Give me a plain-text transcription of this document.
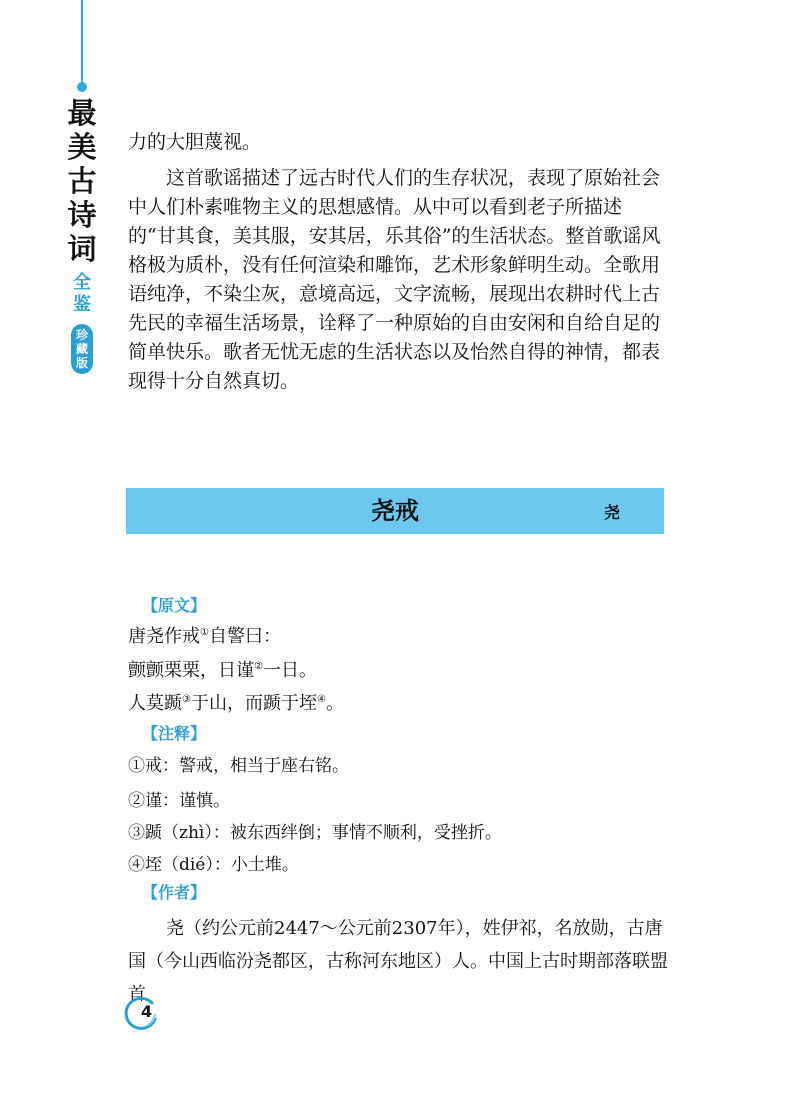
最美古诗词
全鉴
珍藏版

力的大胆蔑视。

这首歌谣描述了远古时代人们的生存状况，表现了原始社会中人们朴素唯物主义的思想感情。从中可以看到老子所描述的“甘其食，美其服，安其居，乐其俗”的生活状态。整首歌谣风格极为质朴，没有任何渲染和雕饰，艺术形象鲜明生动。全歌用语纯净，不染尘灰，意境高远，文字流畅，展现出农耕时代上古先民的幸福生活场景，诠释了一种原始的自由安闲和自给自足的简单快乐。歌者无忧无虑的生活状态以及怡然自得的神情，都表现得十分自然真切。

尧戒	尧
【原文】
唐尧作戒①自警曰：
颤颤栗栗，日谨②一日。
人莫踬③于山，而踬于垤④。
【注释】
①戒：警戒，相当于座右铭。
②谨：谨慎。
③踬（zhì）：被东西绊倒；事情不顺利，受挫折。
④垤（dié）：小土堆。
【作者】

尧（约公元前2447～公元前2307年），姓伊祁，名放勋，古唐国（今山西临汾尧都区，古称河东地区）人。中国上古时期部落联盟首

4
